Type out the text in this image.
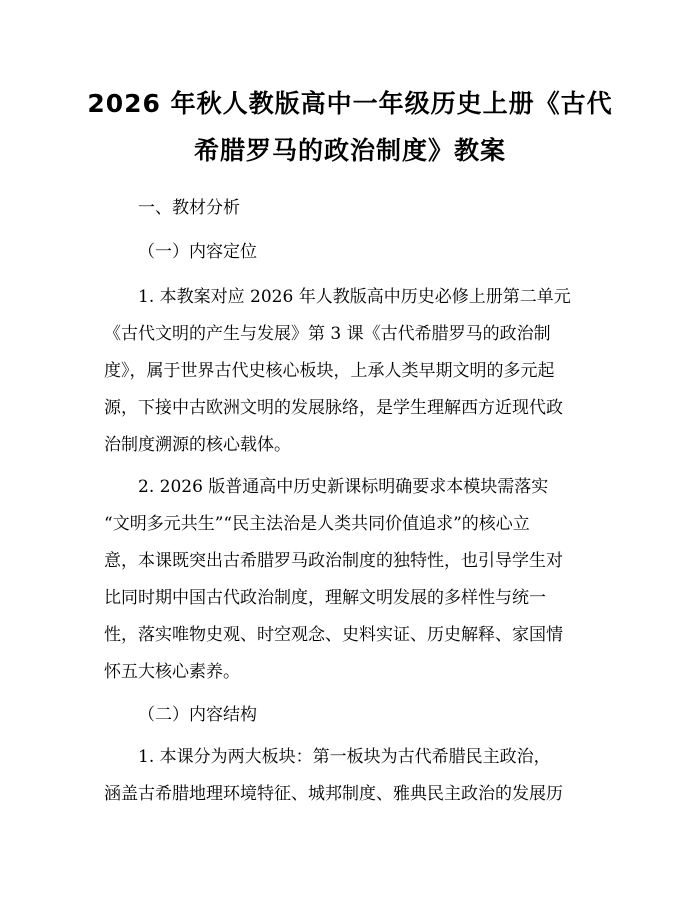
2026 年秋人教版高中一年级历史上册《古代
希腊罗马的政治制度》教案
一、教材分析
（一）内容定位
1. 本教案对应 2026 年人教版高中历史必修上册第二单元
《古代文明的产生与发展》第 3 课《古代希腊罗马的政治制
度》，属于世界古代史核心板块，上承人类早期文明的多元起
源，下接中古欧洲文明的发展脉络，是学生理解西方近现代政
治制度溯源的核心载体。
2. 2026 版普通高中历史新课标明确要求本模块需落实
“文明多元共生”“民主法治是人类共同价值追求”的核心立
意，本课既突出古希腊罗马政治制度的独特性，也引导学生对
比同时期中国古代政治制度，理解文明发展的多样性与统一
性，落实唯物史观、时空观念、史料实证、历史解释、家国情
怀五大核心素养。
（二）内容结构
1. 本课分为两大板块：第一板块为古代希腊民主政治，
涵盖古希腊地理环境特征、城邦制度、雅典民主政治的发展历
